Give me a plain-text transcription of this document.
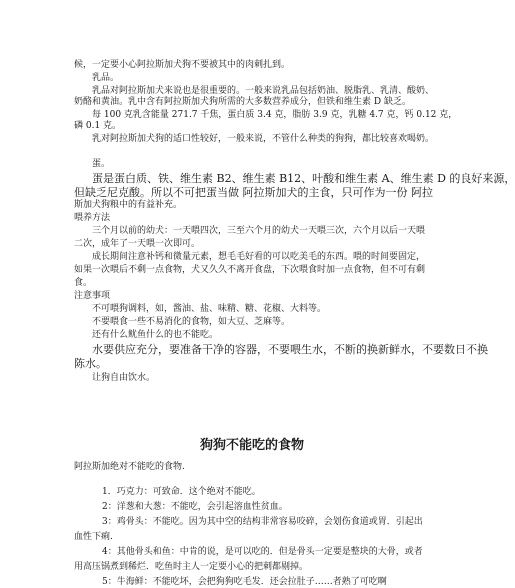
候，一定要小心阿拉斯加犬狗不要被其中的肉刺扎到。
乳品。
乳品对阿拉斯加犬来说也是很重要的。一般来说乳品包括奶油、脱脂乳、乳清、酸奶、
奶酪和黄油。乳中含有阿拉斯加犬狗所需的大多数营养成分，但铁和维生素 D 缺乏。
每 100 克乳含能量 271.7 千焦，蛋白质 3.4 克，脂肪 3.9 克，乳糖 4.7 克，钙 0.12 克，
磷 0.1 克。
乳对阿拉斯加犬狗的适口性较好，一般来说，不管什么种类的狗狗，都比较喜欢喝奶。
蛋。
蛋是蛋白质、铁、维生素 B2、维生素 B12、叶酸和维生素 A、维生素 D 的良好来源，
但缺乏尼克酸。所以不可把蛋当做 阿拉斯加犬的主食，只可作为一份 阿拉
斯加犬狗粮中的有益补充。
喂养方法
三个月以前的幼犬：一天喂四次，三至六个月的幼犬一天喂三次，六个月以后一天喂
二次，成年了一天喂一次即可。
成长期间注意补钙和微量元素，想毛毛好看的可以吃美毛的东西。喂的时间要固定，
如果一次喂后不剩一点食物，犬又久久不离开食盘，下次喂食时加一点食物，但不可有剩
食。
注意事项
不可喂狗调料，如，酱油、盐、味精、糖、花椒、大料等。
不要喂食一些不易消化的食物，如大豆、芝麻等。
还有什么鱿鱼什么的也不能吃。
水要供应充分，要准备干净的容器，不要喂生水，不断的换新鲜水，不要数日不换
陈水。
让狗自由饮水。
狗狗不能吃的食物
阿拉斯加绝对不能吃的食物.
1．巧克力：可致命．这个绝对不能吃。
2：洋葱和大葱：不能吃，会引起溶血性贫血。
3：鸡骨头：不能吃。因为其中空的结构非常容易咬碎，会划伤食道或胃．引起出
血性下痢.
4：其他骨头和鱼：中肯的说，是可以吃的．但是骨头一定要是整块的大骨，或者
用高压锅煮到稀烂．吃鱼时主人一定要小心的把刺都剔掉。
5：牛海鲜：不能吃坏，会把狗狗吃毛发．还会拉肚子……者熟了可吃啊
